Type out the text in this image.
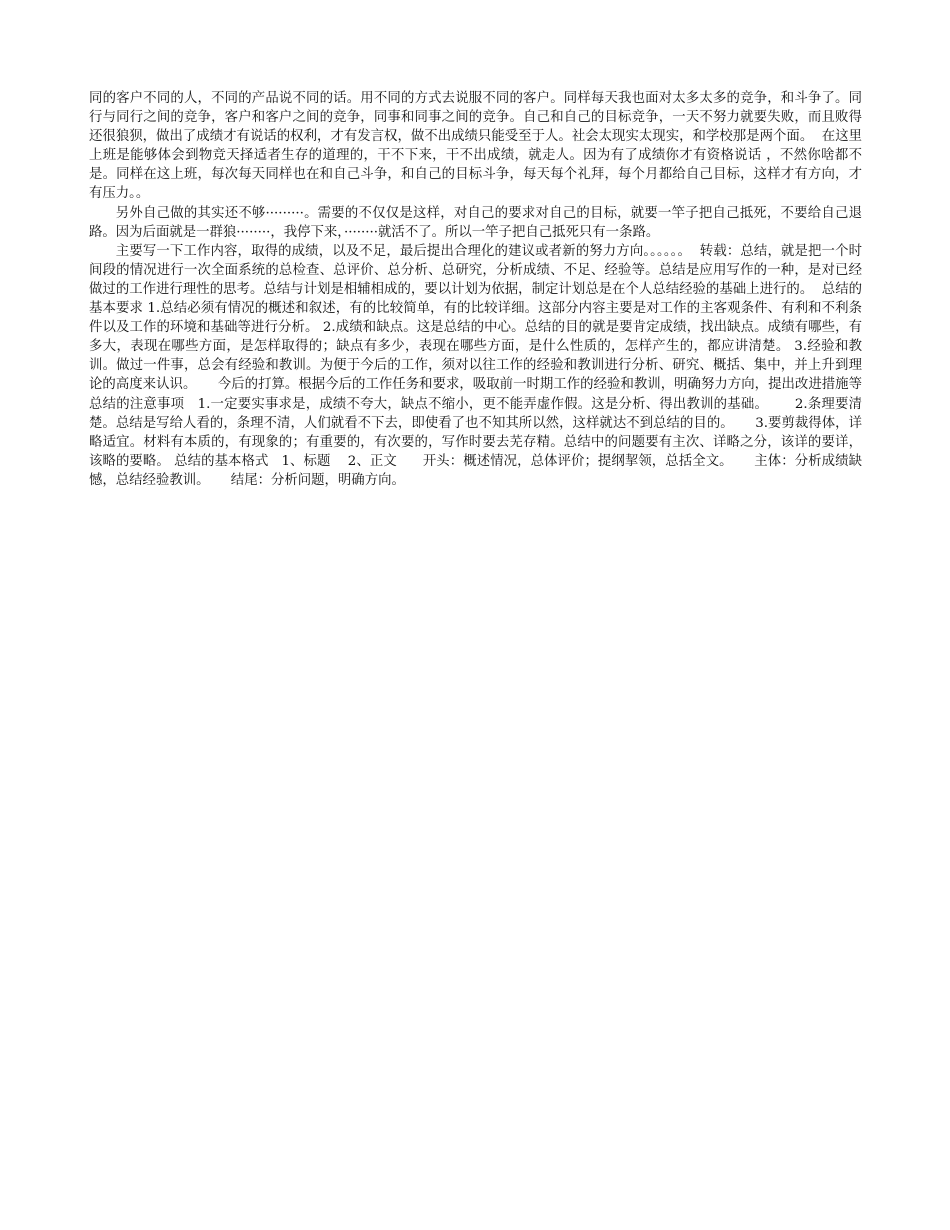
同的客户不同的人，不同的产品说不同的话。用不同的方式去说服不同的客户。同样每天我也面对太多太多的竞争，和斗争了。同行与同行之间的竞争，客户和客户之间的竞争，同事和同事之间的竞争。自己和自己的目标竞争，一天不努力就要失败，而且败得还很狼狈，做出了成绩才有说话的权利，才有发言权，做不出成绩只能受至于人。社会太现实太现实，和学校那是两个面。  在这里上班是能够体会到物竞天择适者生存的道理的，干不下来，干不出成绩，就走人。因为有了成绩你才有资格说话 ，不然你啥都不是。同样在这上班，每次每天同样也在和自己斗争，和自己的目标斗争，每天每个礼拜，每个月都给自己目标，这样才有方向，才有压力。。

另外自己做的其实还不够·········。需要的不仅仅是这样，对自己的要求对自己的目标，就要一竿子把自己抵死，不要给自己退路。因为后面就是一群狼········，我停下来，········就活不了。所以一竿子把自己抵死只有一条路。

主要写一下工作内容，取得的成绩，以及不足，最后提出合理化的建议或者新的努力方向。。。。。。  转载：总结，就是把一个时间段的情况进行一次全面系统的总检查、总评价、总分析、总研究，分析成绩、不足、经验等。总结是应用写作的一种，是对已经做过的工作进行理性的思考。总结与计划是相辅相成的，要以计划为依据，制定计划总是在个人总结经验的基础上进行的。  总结的基本要求 1.总结必须有情况的概述和叙述，有的比较简单，有的比较详细。这部分内容主要是对工作的主客观条件、有利和不利条件以及工作的环境和基础等进行分析。 2.成绩和缺点。这是总结的中心。总结的目的就是要肯定成绩，找出缺点。成绩有哪些，有多大，表现在哪些方面，是怎样取得的；缺点有多少，表现在哪些方面，是什么性质的，怎样产生的，都应讲清楚。 3.经验和教训。做过一件事，总会有经验和教训。为便于今后的工作，须对以往工作的经验和教训进行分析、研究、概括、集中，并上升到理论的高度来认识。     今后的打算。根据今后的工作任务和要求，吸取前一时期工作的经验和教训，明确努力方向，提出改进措施等 总结的注意事项   1.一定要实事求是，成绩不夸大，缺点不缩小，更不能弄虚作假。这是分析、得出教训的基础。      2.条理要清楚。总结是写给人看的，条理不清，人们就看不下去，即使看了也不知其所以然，这样就达不到总结的目的。     3.要剪裁得体，详略适宜。材料有本质的，有现象的；有重要的，有次要的，写作时要去芜存精。总结中的问题要有主次、详略之分，该详的要详，该略的要略。 总结的基本格式   1、标题    2、正文      开头：概述情况，总体评价；提纲挈领，总括全文。     主体：分析成绩缺憾，总结经验教训。     结尾：分析问题，明确方向。
